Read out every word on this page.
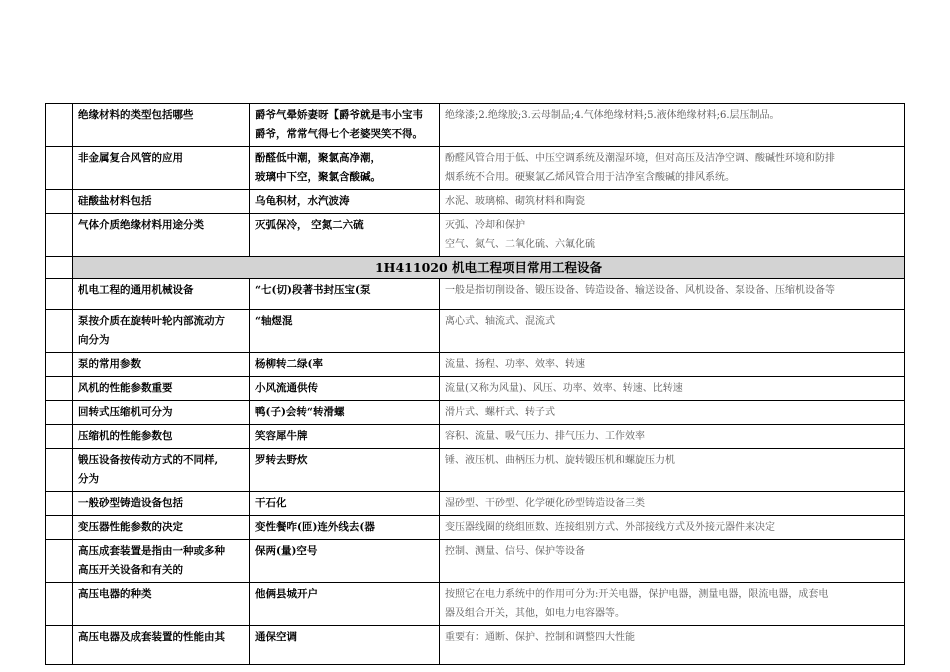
	绝缘材料的类型包括哪些	爵爷气晕娇妻呀【爵爷就是韦小宝韦
爵爷，常常气得七个老婆哭笑不得。	绝缘漆;2.绝缘胶;3.云母制品;4.气体绝缘材料;5.液体绝缘材料;6.层压制品。

	非金属复合风管的应用	酚醛低中潮，聚氯高净潮，
玻璃中下空，聚氯含酸碱。	酚醛风管合用于低、中压空调系统及潮湿环境，但对高压及洁净空调、酸碱性环境和防排
烟系统不合用。硬聚氯乙烯风管合用于洁净室含酸碱的排风系统。

	硅酸盐材料包括	乌龟积材，水汽波涛	水泥、玻璃棉、砌筑材料和陶瓷

	气体介质绝缘材料用途分类	灭弧保冷， 空氮二六硫	灭弧、冷却和保护
空气、氮气、二氧化硫、六氟化硫

	1H411020 机电工程项目常用工程设备		

	机电工程的通用机械设备	“七(切)段著书封压宝(泵	一般是指切削设备、锻压设备、铸造设备、输送设备、风机设备、泵设备、压缩机设备等

	泵按介质在旋转叶轮内部流动方
向分为	“轴煜混	离心式、轴流式、混流式

	泵的常用参数	杨柳转二绿(率	流量、扬程、功率、效率、转速

	风机的性能参数重要	小风流通供传	流量(又称为风量)、风压、功率、效率、转速、比转速

	回转式压缩机可分为	鸭(子)会转“转滑螺	滑片式、螺杆式、转子式

	压缩机的性能参数包	笑容犀牛牌	容积、流量、吸气压力、排气压力、工作效率

	锻压设备按传动方式的不同样,
分为	罗转去野炊	锤、液压机、曲柄压力机、旋转锻压机和螺旋压力机

	一般砂型铸造设备包括	干石化	湿砂型、干砂型、化学硬化砂型铸造设备三类

	变压器性能参数的决定	变性餐咋(匝)连外线去(器	变压器线圈的绕组匝数、连接组别方式、外部接线方式及外接元器件来决定

	高压成套装置是指由一种或多种
高压开关设备和有关的	保两(量)空号	控制、测量、信号、保护等设备

	高压电器的种类	他俩县城开户	按照它在电力系统中的作用可分为:开关电器，保护电器，测量电器，限流电器，成套电
器及组合开关，其他，如电力电容器等。

	高压电器及成套装置的性能由其	通保空调	重要有：通断、保护、控制和调整四大性能
